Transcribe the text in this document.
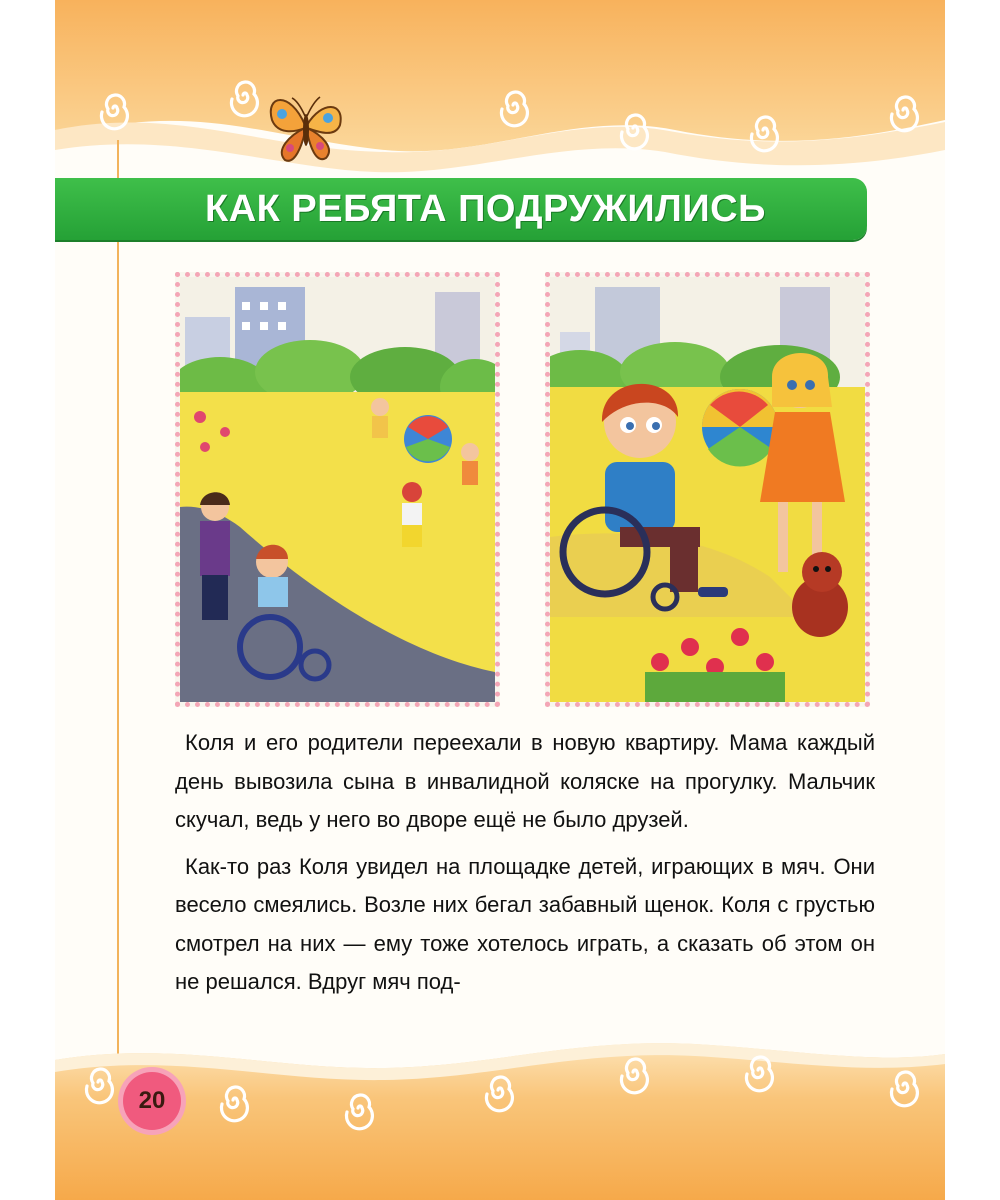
КАК РЕБЯТА ПОДРУЖИЛИСЬ

Коля и его родители переехали в новую квартиру. Мама каждый день вывозила сына в инвалидной коляске на прогулку. Мальчик скучал, ведь у него во дворе ещё не было друзей.

Как-то раз Коля увидел на площадке детей, играющих в мяч. Они весело смеялись. Возле них бегал забавный щенок. Коля с грустью смотрел на них — ему тоже хотелось играть, а сказать об этом он не решался. Вдруг мяч под-

20
